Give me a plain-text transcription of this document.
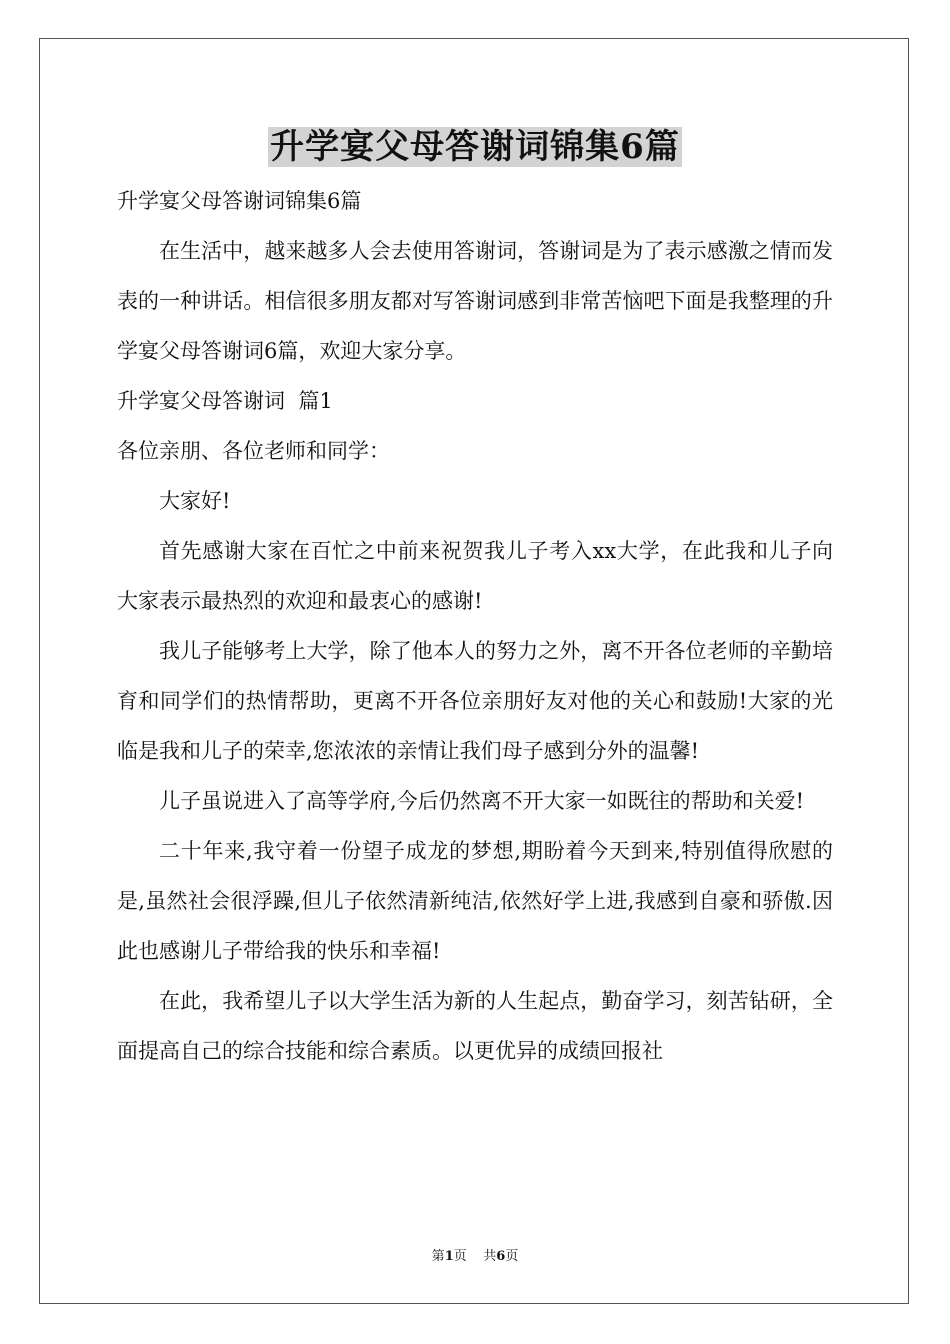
升学宴父母答谢词锦集6篇

升学宴父母答谢词锦集6篇

在生活中，越来越多人会去使用答谢词，答谢词是为了表示感激之情而发表的一种讲话。相信很多朋友都对写答谢词感到非常苦恼吧下面是我整理的升学宴父母答谢词6篇，欢迎大家分享。

升学宴父母答谢词  篇1

各位亲朋、各位老师和同学：

大家好!

首先感谢大家在百忙之中前来祝贺我儿子考入xx大学，在此我和儿子向大家表示最热烈的欢迎和最衷心的感谢!

我儿子能够考上大学，除了他本人的努力之外，离不开各位老师的辛勤培育和同学们的热情帮助，更离不开各位亲朋好友对他的关心和鼓励!大家的光临是我和儿子的荣幸,您浓浓的亲情让我们母子感到分外的温馨!

儿子虽说进入了高等学府,今后仍然离不开大家一如既往的帮助和关爱!

二十年来,我守着一份望子成龙的梦想,期盼着今天到来,特别值得欣慰的是,虽然社会很浮躁,但儿子依然清新纯洁,依然好学上进,我感到自豪和骄傲.因此也感谢儿子带给我的快乐和幸福!

在此，我希望儿子以大学生活为新的人生起点，勤奋学习，刻苦钻研，全面提高自己的综合技能和综合素质。以更优异的成绩回报社

第1页    共6页
